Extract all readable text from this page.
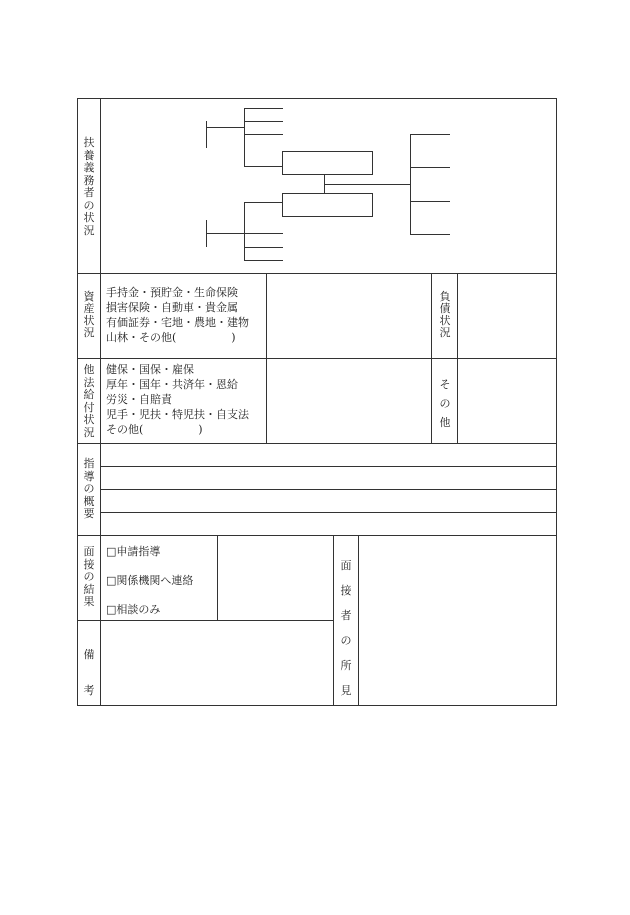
扶
養
義
務
者
の
状
況
資
産
状
況
負
債
状
況
他
法
給
付
状
況
そ
の
他
指
導
の
概
要
面
接
の
結
果
備
考
面
接
者
の
所
見
手持金・預貯金・生命保険
損害保険・自動車・貴金属
有価証券・宅地・農地・建物
山林・その他(　　　　　)
健保・国保・雇保
厚年・国年・共済年・恩給
労災・自賠責
児手・児扶・特児扶・自支法
その他(　　　　　)
□申請指導
□関係機関へ連絡
□相談のみ
